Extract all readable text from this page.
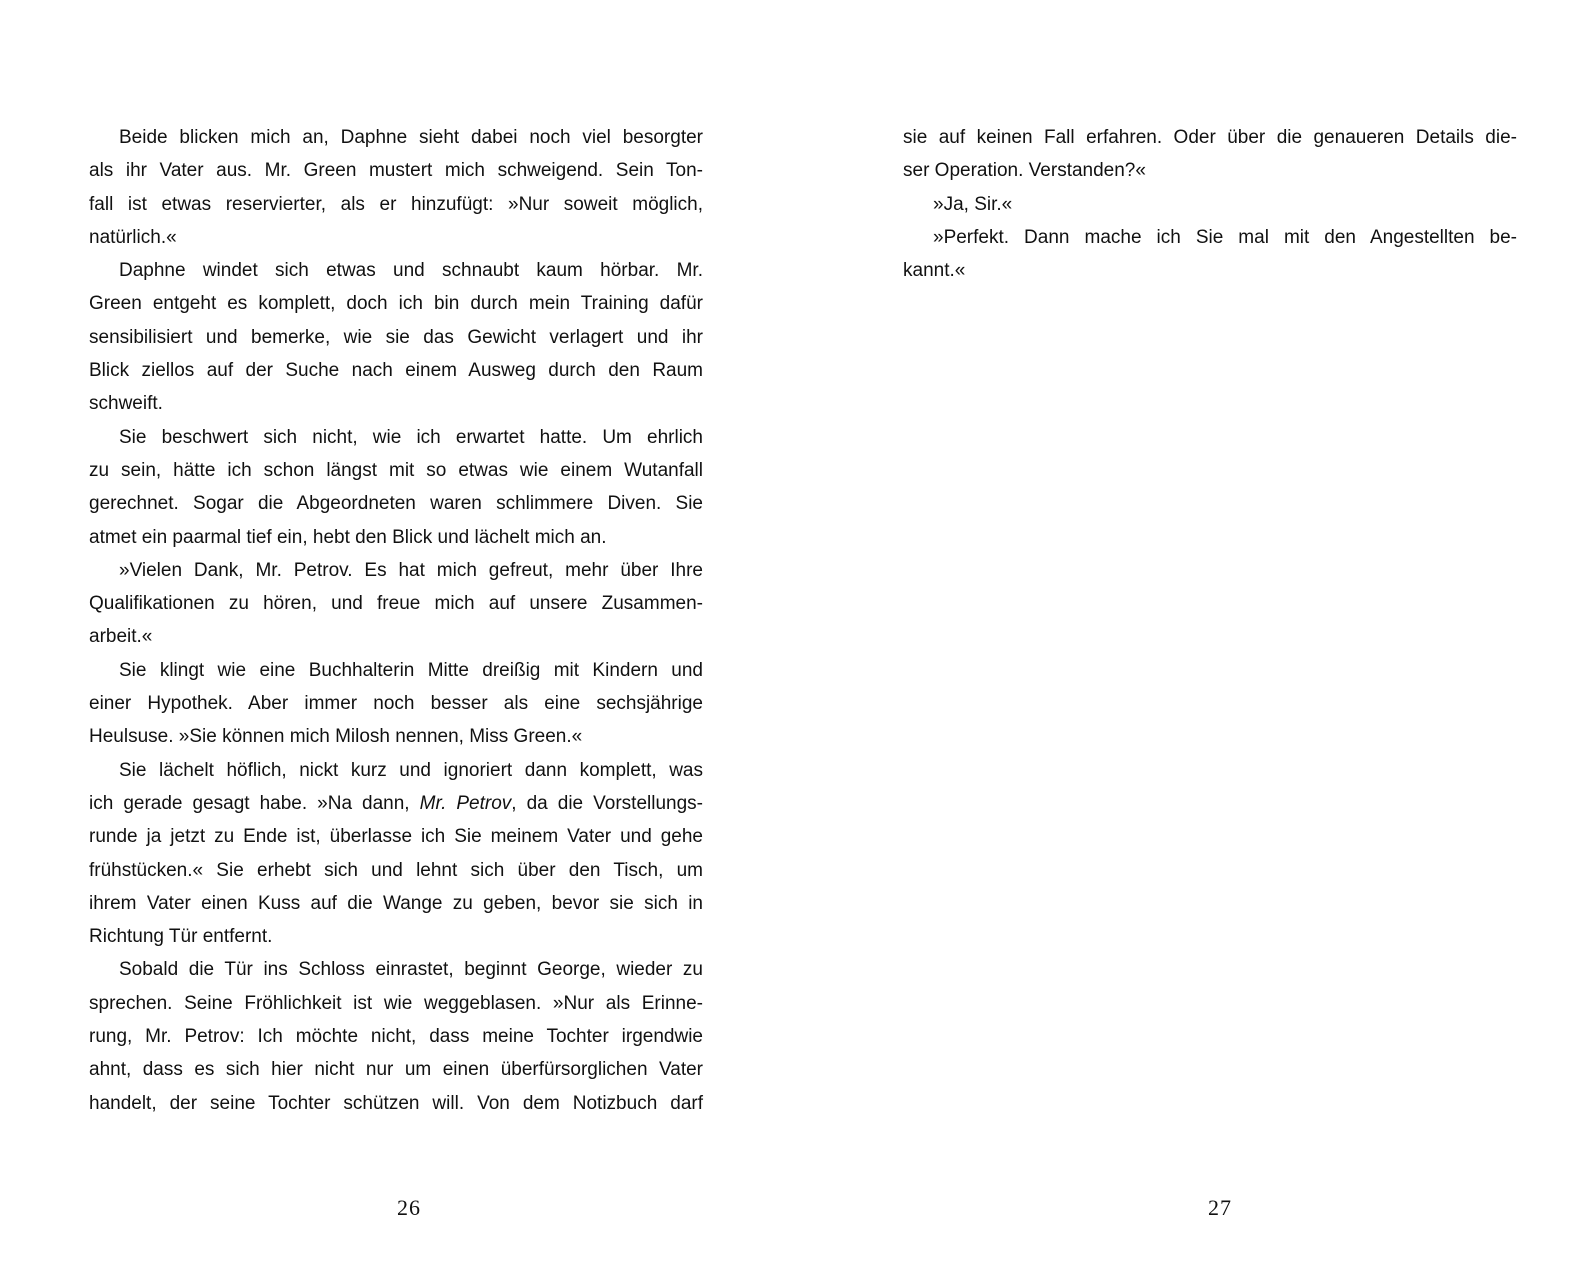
Beide blicken mich an, Daphne sieht dabei noch viel besorgter
als ihr Vater aus. Mr. Green mustert mich schweigend. Sein Ton-
fall ist etwas reservierter, als er hinzufügt: »Nur soweit möglich,
natürlich.«
Daphne windet sich etwas und schnaubt kaum hörbar. Mr.
Green entgeht es komplett, doch ich bin durch mein Training dafür
sensibilisiert und bemerke, wie sie das Gewicht verlagert und ihr
Blick ziellos auf der Suche nach einem Ausweg durch den Raum
schweift.
Sie beschwert sich nicht, wie ich erwartet hatte. Um ehrlich
zu sein, hätte ich schon längst mit so etwas wie einem Wutanfall
gerechnet. Sogar die Abgeordneten waren schlimmere Diven. Sie
atmet ein paarmal tief ein, hebt den Blick und lächelt mich an.
»Vielen Dank, Mr. Petrov. Es hat mich gefreut, mehr über Ihre
Qualifikationen zu hören, und freue mich auf unsere Zusammen-
arbeit.«
Sie klingt wie eine Buchhalterin Mitte dreißig mit Kindern und
einer Hypothek. Aber immer noch besser als eine sechsjährige
Heulsuse. »Sie können mich Milosh nennen, Miss Green.«
Sie lächelt höflich, nickt kurz und ignoriert dann komplett, was
ich gerade gesagt habe. »Na dann, Mr. Petrov, da die Vorstellungs-
runde ja jetzt zu Ende ist, überlasse ich Sie meinem Vater und gehe
frühstücken.« Sie erhebt sich und lehnt sich über den Tisch, um
ihrem Vater einen Kuss auf die Wange zu geben, bevor sie sich in
Richtung Tür entfernt.
Sobald die Tür ins Schloss einrastet, beginnt George, wieder zu
sprechen. Seine Fröhlichkeit ist wie weggeblasen. »Nur als Erinne-
rung, Mr. Petrov: Ich möchte nicht, dass meine Tochter irgendwie
ahnt, dass es sich hier nicht nur um einen überfürsorglichen Vater
handelt, der seine Tochter schützen will. Von dem Notizbuch darf
26
sie auf keinen Fall erfahren. Oder über die genaueren Details die-
ser Operation. Verstanden?«
»Ja, Sir.«
»Perfekt. Dann mache ich Sie mal mit den Angestellten be-
kannt.«
27
